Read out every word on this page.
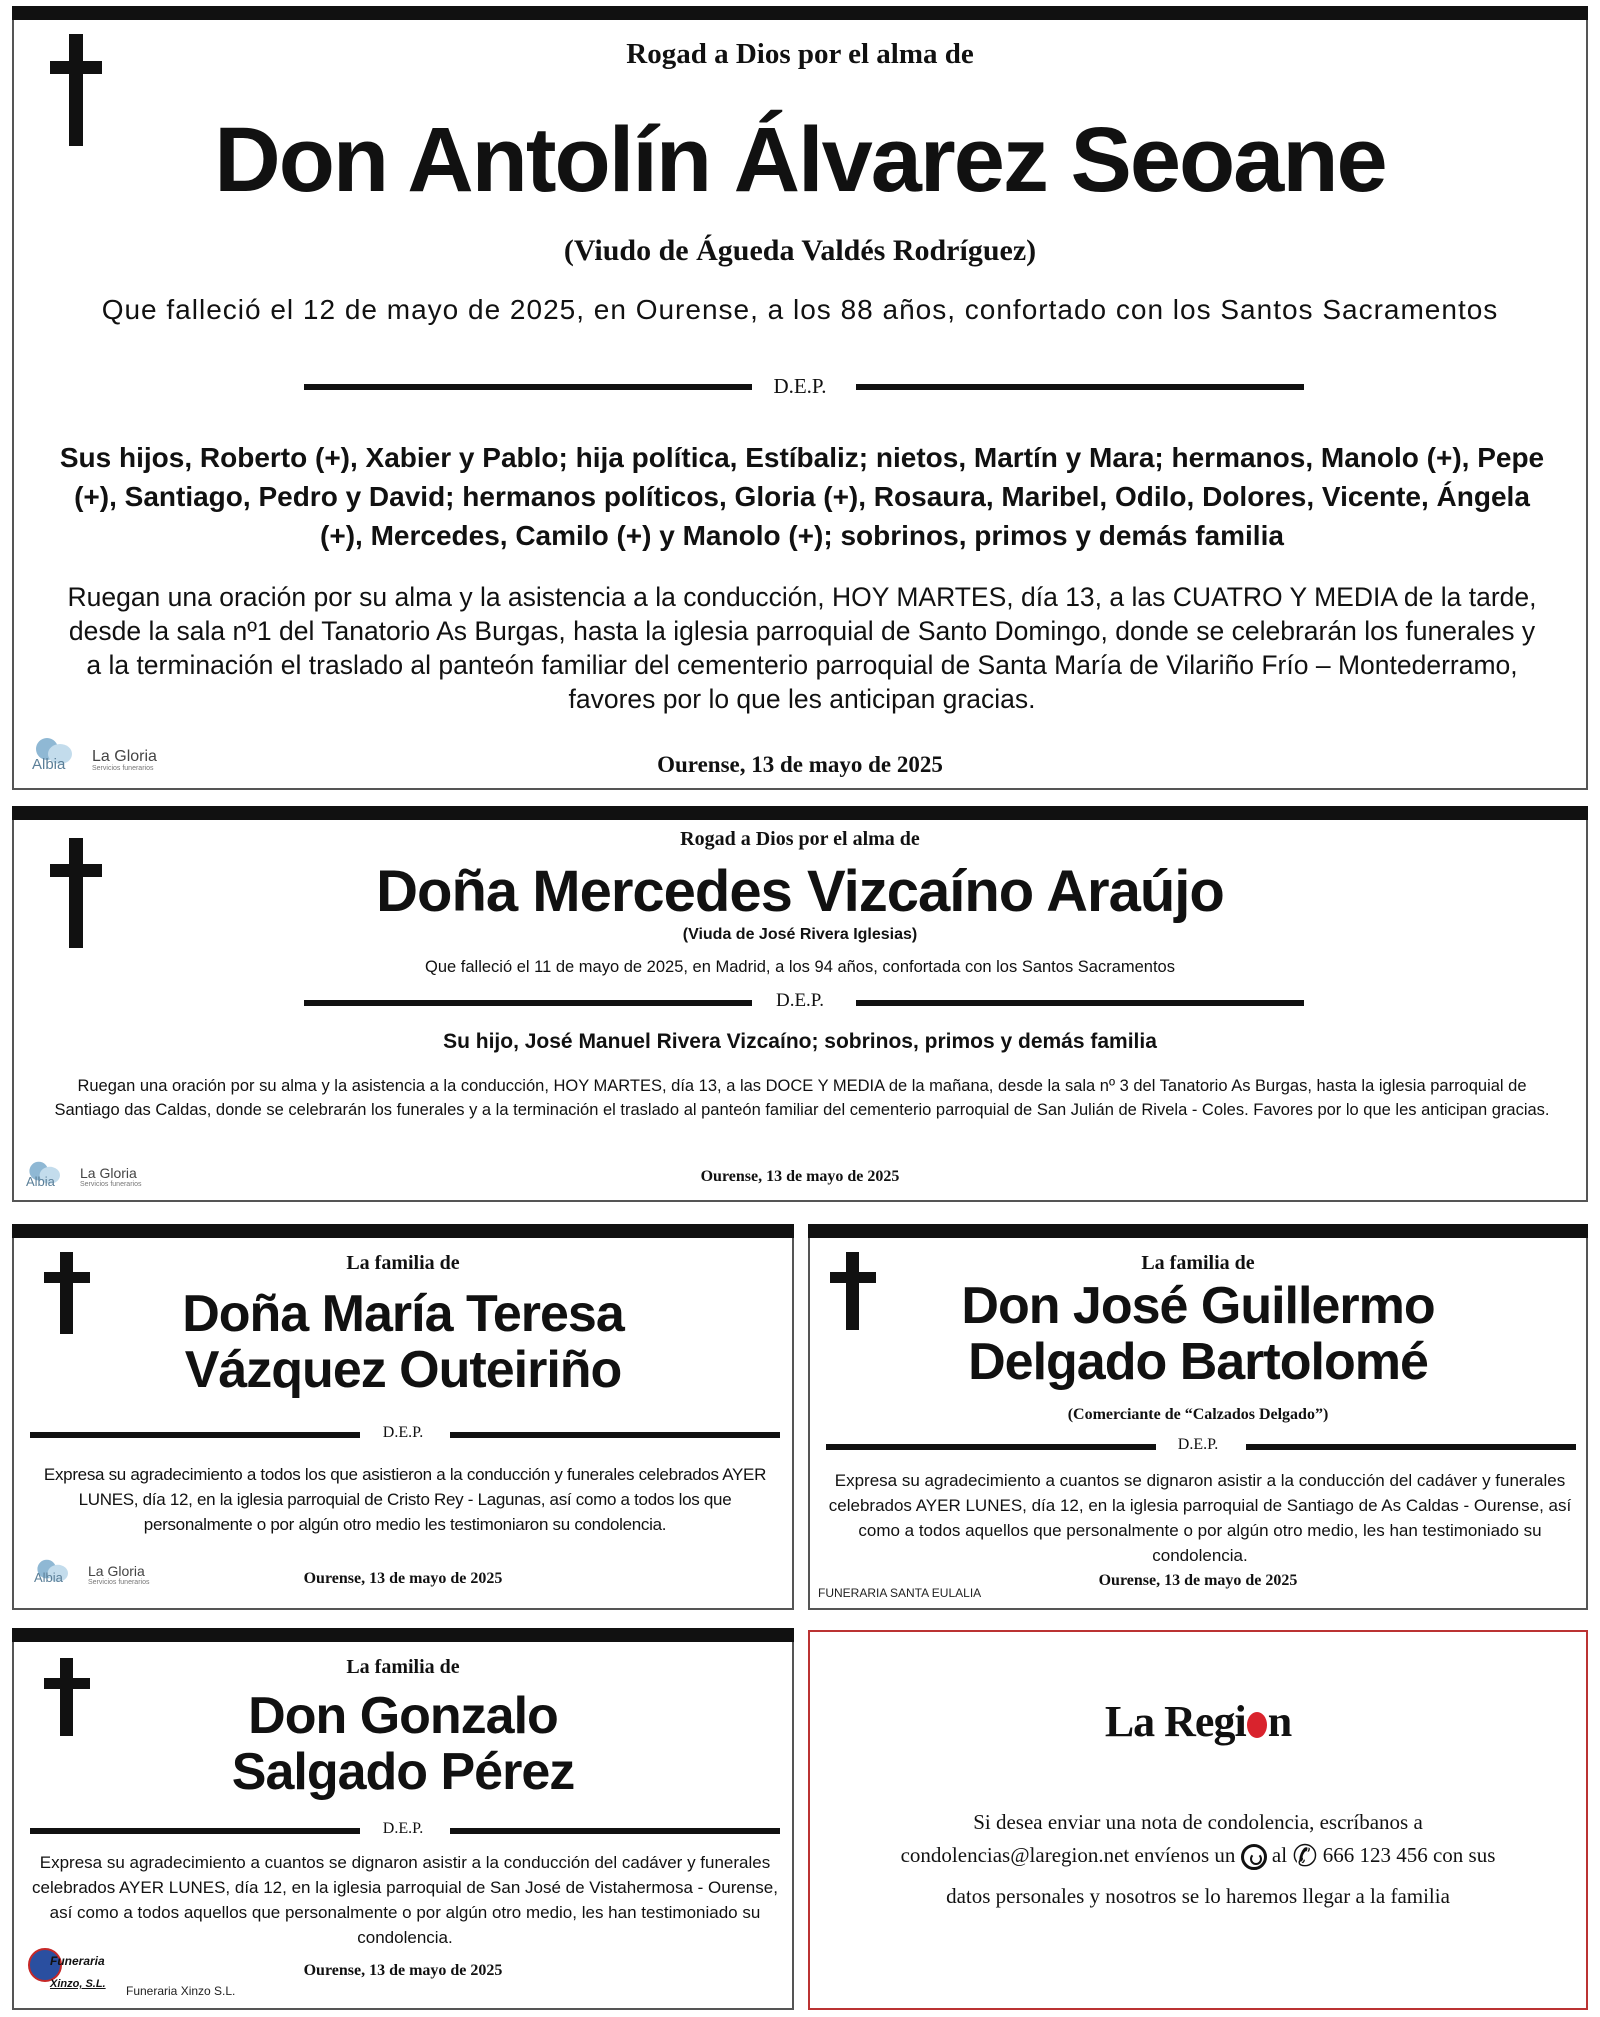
Rogad a Dios por el alma de
Don Antolín Álvarez Seoane
(Viudo de Águeda Valdés Rodríguez)
Que falleció el 12 de mayo de 2025, en Ourense, a los 88 años, confortado con los Santos Sacramentos
D.E.P.
Sus hijos, Roberto (+), Xabier y Pablo; hija política, Estíbaliz; nietos, Martín y Mara; hermanos, Manolo (+), Pepe (+), Santiago, Pedro y David; hermanos políticos, Gloria (+), Rosaura, Maribel, Odilo, Dolores, Vicente, Ángela (+), Mercedes, Camilo (+) y Manolo (+); sobrinos, primos y demás familia
Ruegan una oración por su alma y la asistencia a la conducción, HOY MARTES, día 13, a las CUATRO Y MEDIA de la tarde, desde la sala nº1 del Tanatorio As Burgas, hasta la iglesia parroquial de Santo Domingo, donde se celebrarán los funerales y a la terminación el traslado al panteón familiar del cementerio parroquial de Santa María de Vilariño Frío – Montederramo, favores por lo que les anticipan gracias.
Albia La Gloria
Servicios funerarios	Ourense, 13 de mayo de 2025
Rogad a Dios por el alma de
Doña Mercedes Vizcaíno Araújo
(Viuda de José Rivera Iglesias)
Que falleció el 11 de mayo de 2025, en Madrid, a los 94 años, confortada con los Santos Sacramentos
D.E.P.
Su hijo, José Manuel Rivera Vizcaíno; sobrinos, primos y demás familia
Ruegan una oración por su alma y la asistencia a la conducción, HOY MARTES, día 13, a las DOCE Y MEDIA de la mañana, desde la sala nº 3 del Tanatorio As Burgas, hasta la iglesia parroquial de Santiago das Caldas, donde se celebrarán los funerales y a la terminación el traslado al panteón familiar del cementerio parroquial de San Julián de Rivela - Coles. Favores por lo que les anticipan gracias.
Albia
La Gloria
Servicios funerarios	Ourense, 13 de mayo de 2025
La familia de
Doña María Teresa
Vázquez Outeiriño
D.E.P.
Expresa su agradecimiento a todos los que asistieron a la conducción y funerales celebrados AYER LUNES, día 12, en la iglesia parroquial de Cristo Rey - Lagunas, así como a todos los que personalmente o por algún otro medio les testimoniaron su condolencia.
Albia La Gloria
Servicios funerarios	Ourense, 13 de mayo de 2025
La familia de
Don José Guillermo
Delgado Bartolomé
(Comerciante de “Calzados Delgado”)
D.E.P.
Expresa su agradecimiento a cuantos se dignaron asistir a la conducción del cadáver y funerales celebrados AYER LUNES, día 12, en la iglesia parroquial de Santiago de As Caldas - Ourense, así como a todos aquellos que personalmente o por algún otro medio, les han testimoniado su condolencia.
FUNERARIA SANTA EULALIA
Ourense, 13 de mayo de 2025
La familia de
Don Gonzalo
Salgado Pérez
D.E.P.
Expresa su agradecimiento a cuantos se dignaron asistir a la conducción del cadáver y funerales celebrados AYER LUNES, día 12, en la iglesia parroquial de San José de Vistahermosa - Ourense, así como a todos aquellos que personalmente o por algún otro medio, les han testimoniado su condolencia.
Funeraria
Xinzo, S.L. Funeraria Xinzo S.L.
Ourense, 13 de mayo de 2025
La Regi n
Si desea enviar una nota de condolencia, escríbanos a
condolencias@laregion.net envíenos un al ✆ 666 123 456 con sus
datos personales y nosotros se lo haremos llegar a la familia
